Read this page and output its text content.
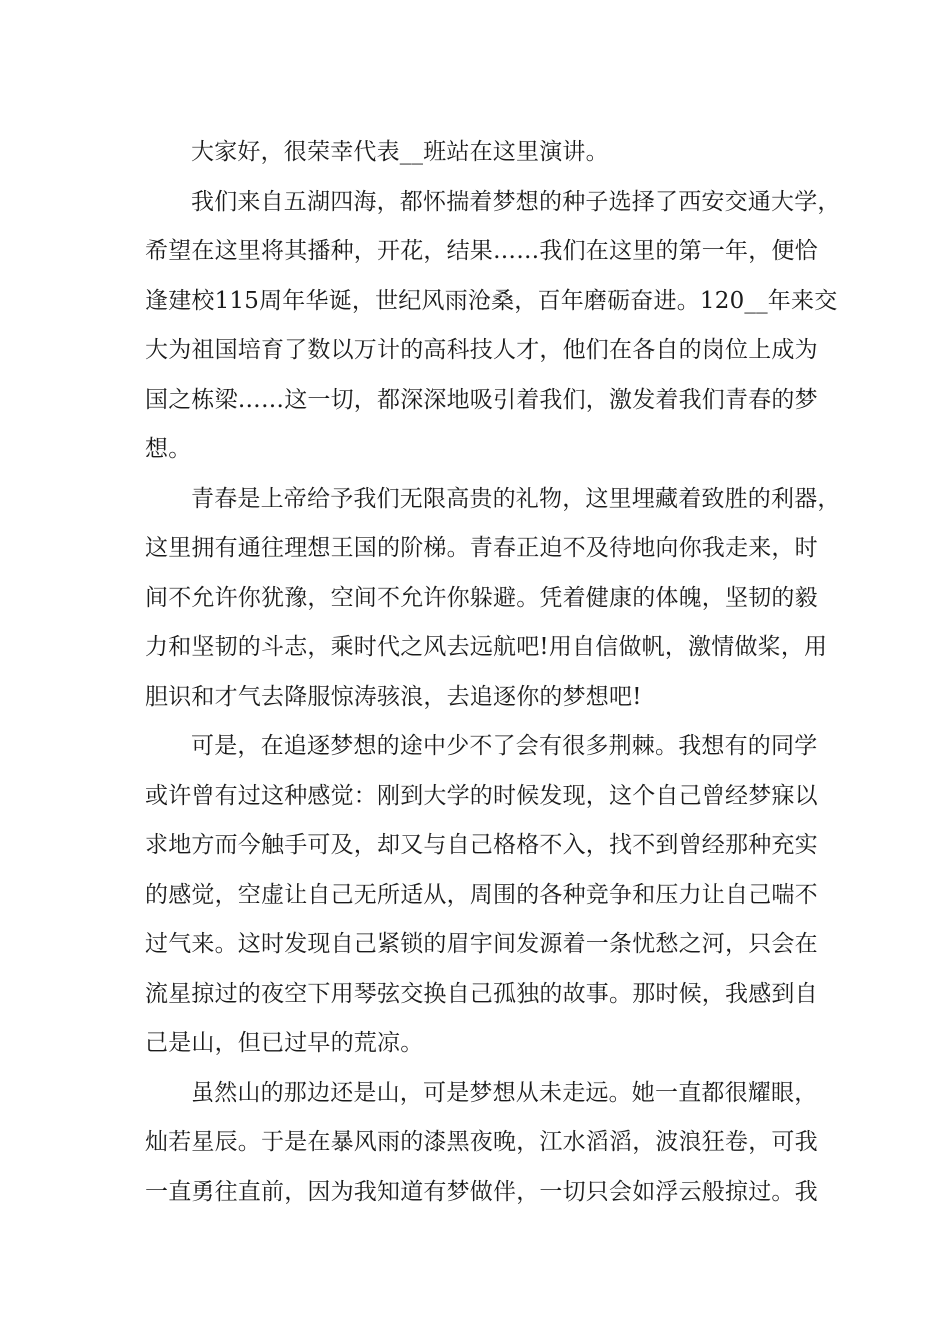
大家好，很荣幸代表__班站在这里演讲。
我们来自五湖四海，都怀揣着梦想的种子选择了西安交通大学，
希望在这里将其播种，开花，结果……我们在这里的第一年，便恰
逢建校115周年华诞，世纪风雨沧桑，百年磨砺奋进。120__年来交
大为祖国培育了数以万计的高科技人才，他们在各自的岗位上成为
国之栋梁……这一切，都深深地吸引着我们，激发着我们青春的梦
想。
青春是上帝给予我们无限高贵的礼物，这里埋藏着致胜的利器，
这里拥有通往理想王国的阶梯。青春正迫不及待地向你我走来，时
间不允许你犹豫，空间不允许你躲避。凭着健康的体魄，坚韧的毅
力和坚韧的斗志，乘时代之风去远航吧!用自信做帆，激情做桨，用
胆识和才气去降服惊涛骇浪，去追逐你的梦想吧!
可是，在追逐梦想的途中少不了会有很多荆棘。我想有的同学
或许曾有过这种感觉：刚到大学的时候发现，这个自己曾经梦寐以
求地方而今触手可及，却又与自己格格不入，找不到曾经那种充实
的感觉，空虚让自己无所适从，周围的各种竞争和压力让自己喘不
过气来。这时发现自己紧锁的眉宇间发源着一条忧愁之河，只会在
流星掠过的夜空下用琴弦交换自己孤独的故事。那时候，我感到自
己是山，但已过早的荒凉。
虽然山的那边还是山，可是梦想从未走远。她一直都很耀眼，
灿若星辰。于是在暴风雨的漆黑夜晚，江水滔滔，波浪狂卷，可我
一直勇往直前，因为我知道有梦做伴，一切只会如浮云般掠过。我
